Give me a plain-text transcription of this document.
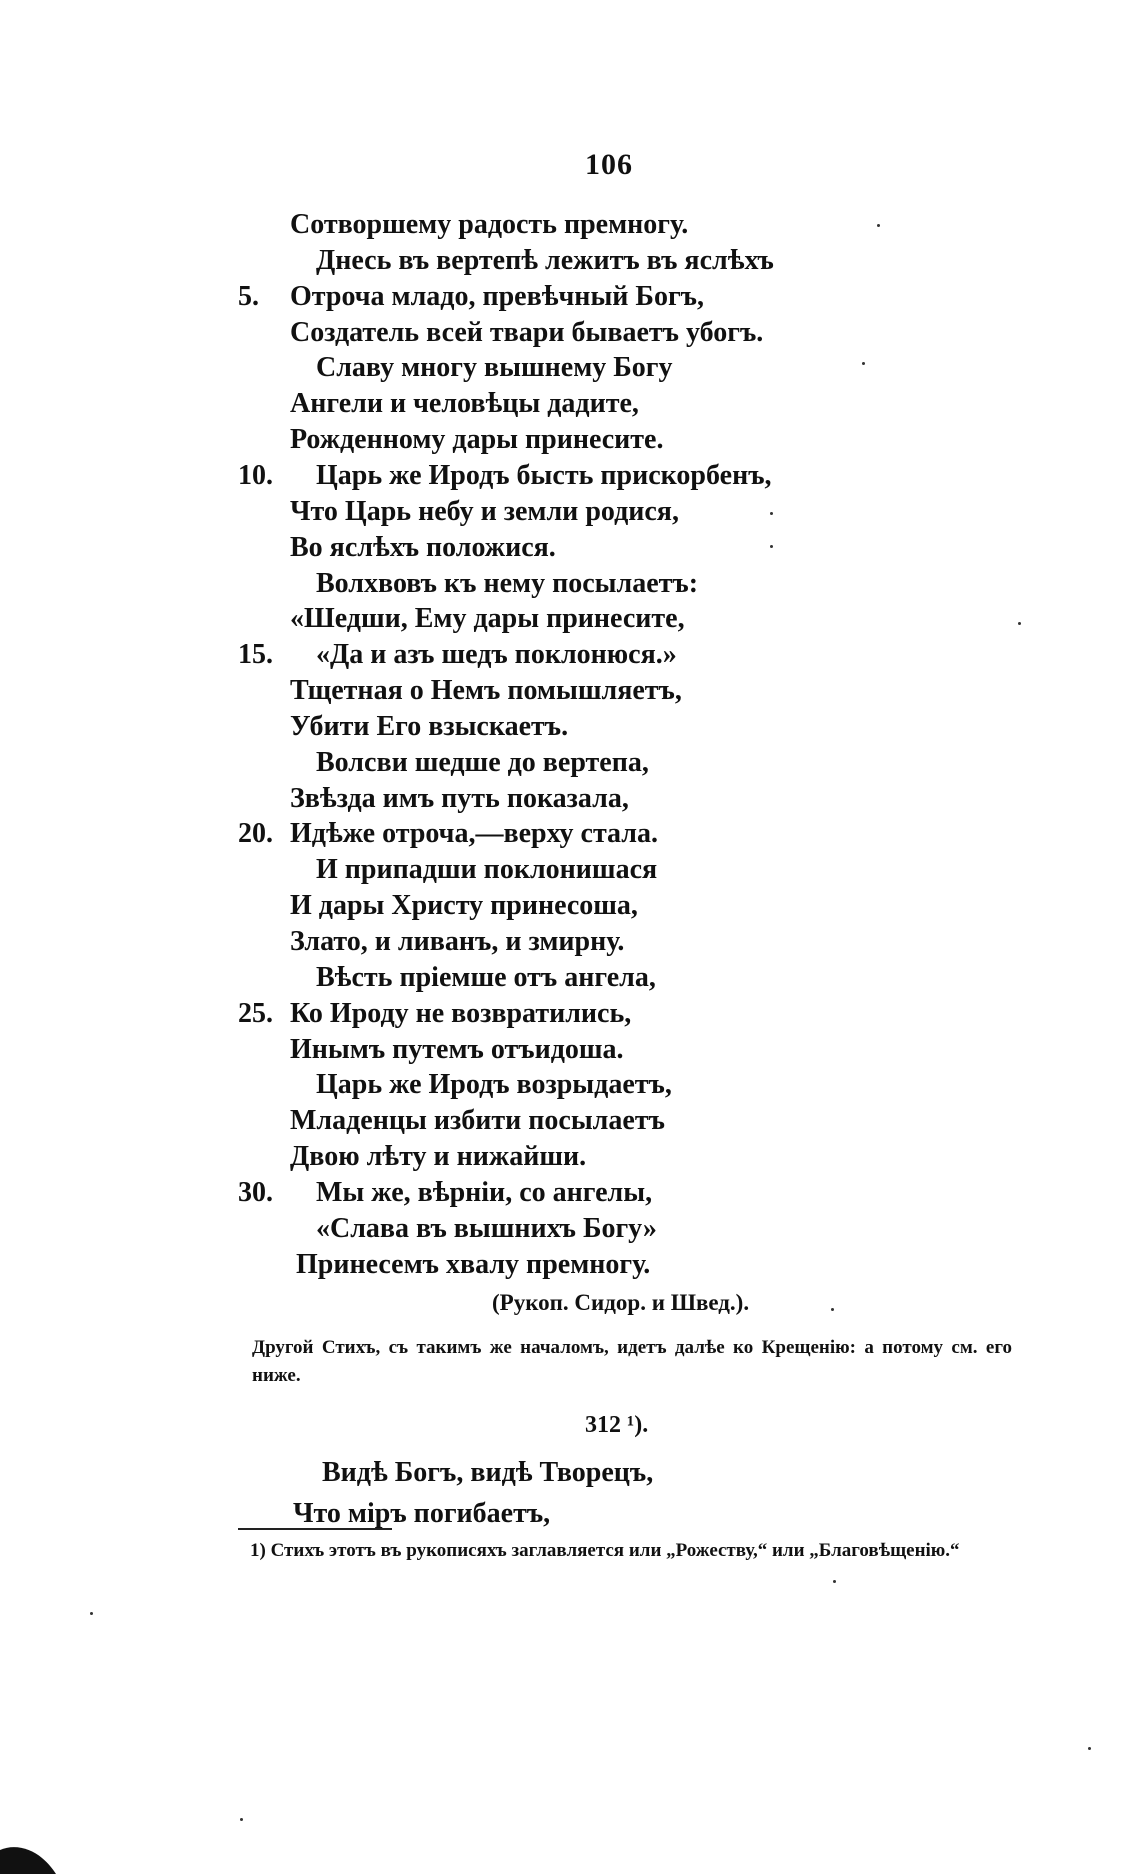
106
Сотворшему радость премногу.
Днесь въ вертепѣ лежитъ въ яслѣхъ
5. Отроча младо, превѣчный Богъ,
Создатель всей твари бываетъ убогъ.
Славу многу вышнему Богу
Ангели и человѣцы дадите,
Рожденному дары принесите.
10. Царь же Иродъ бысть прискорбенъ,
Что Царь небу и земли родися,
Во яслѣхъ положися.
Волхвовъ къ нему посылаетъ:
«Шедши, Ему дары принесите,
15. «Да и азъ шедъ поклонюся.»
Тщетная о Немъ помышляетъ,
Убити Его взыскаетъ.
Волсви шедше до вертепа,
Звѣзда имъ путь показала,
20. Идѣже отроча,—верху стала.
И припадши поклонишася
И дары Христу принесоша,
Злато, и ливанъ, и змирну.
Вѣсть пріемше отъ ангела,
25. Ко Ироду не возвратились,
Инымъ путемъ отъидоша.
Царь же Иродъ возрыдаетъ,
Младенцы избити посылаетъ
Двою лѣту и нижайши.
30. Мы же, вѣрніи, со ангелы,
«Слава въ вышнихъ Богу»
Принесемъ хвалу премногу.
(Рукоп. Сидор. и Швед.).
Другой Стихъ, съ такимъ же началомъ, идетъ далѣе ко Крещенію: а потому см. его ниже.
312 ¹).
Видѣ Богъ, видѣ Творецъ,
Что міръ погибаетъ,
1) Стихъ этотъ въ рукописяхъ заглавляется или „Рожеству,“ или „Благовѣщенію.“
